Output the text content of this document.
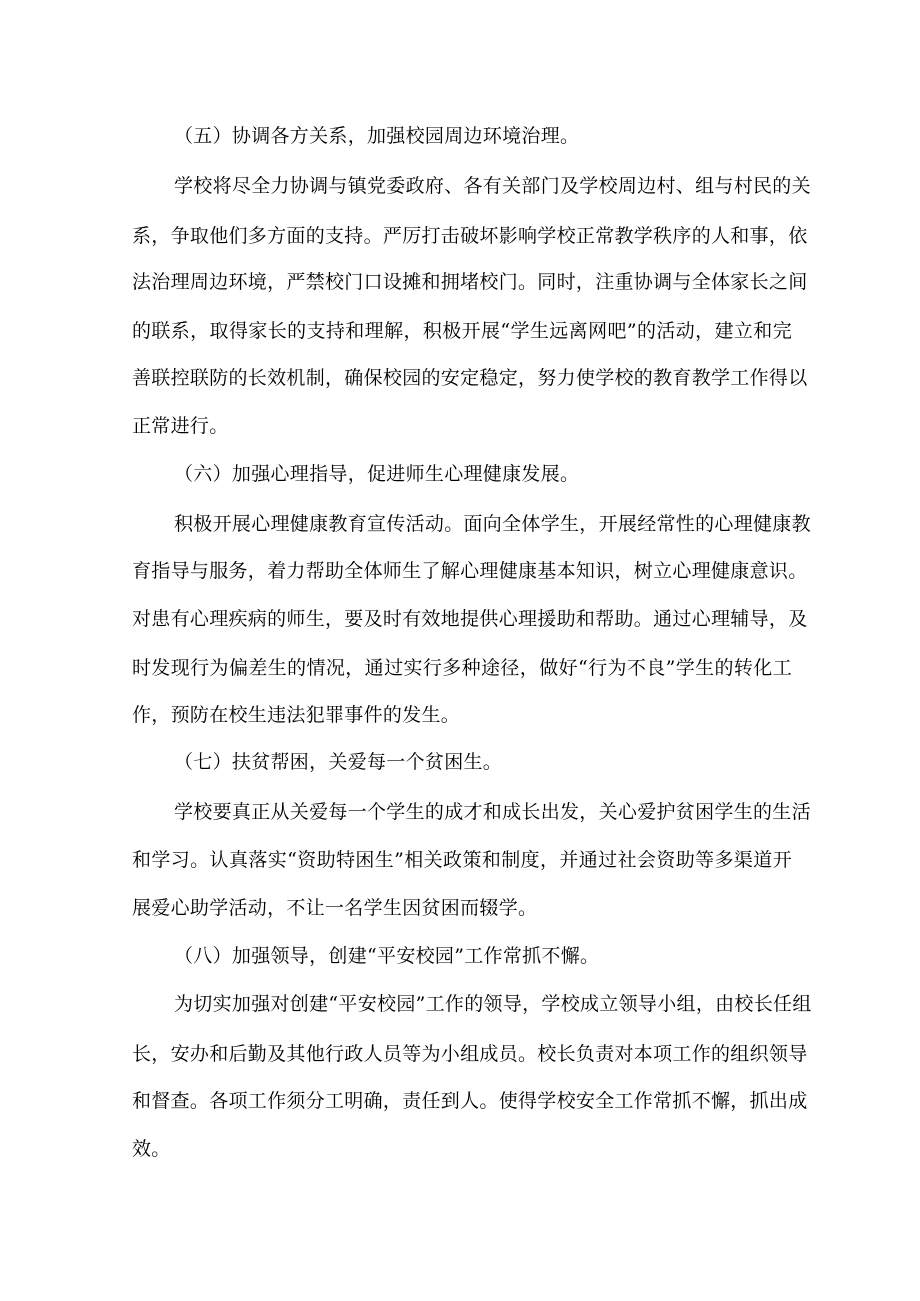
（五）协调各方关系，加强校园周边环境治理。
学校将尽全力协调与镇党委政府、各有关部门及学校周边村、组与村民的关
系，争取他们多方面的支持。严厉打击破坏影响学校正常教学秩序的人和事，依
法治理周边环境，严禁校门口设摊和拥堵校门。同时，注重协调与全体家长之间
的联系，取得家长的支持和理解，积极开展“学生远离网吧”的活动，建立和完
善联控联防的长效机制，确保校园的安定稳定，努力使学校的教育教学工作得以
正常进行。
（六）加强心理指导，促进师生心理健康发展。
积极开展心理健康教育宣传活动。面向全体学生，开展经常性的心理健康教
育指导与服务，着力帮助全体师生了解心理健康基本知识，树立心理健康意识。
对患有心理疾病的师生，要及时有效地提供心理援助和帮助。通过心理辅导，及
时发现行为偏差生的情况，通过实行多种途径，做好“行为不良”学生的转化工
作，预防在校生违法犯罪事件的发生。
（七）扶贫帮困，关爱每一个贫困生。
学校要真正从关爱每一个学生的成才和成长出发，关心爱护贫困学生的生活
和学习。认真落实“资助特困生”相关政策和制度，并通过社会资助等多渠道开
展爱心助学活动，不让一名学生因贫困而辍学。
（八）加强领导，创建“平安校园”工作常抓不懈。
为切实加强对创建“平安校园”工作的领导，学校成立领导小组，由校长任组
长，安办和后勤及其他行政人员等为小组成员。校长负责对本项工作的组织领导
和督查。各项工作须分工明确，责任到人。使得学校安全工作常抓不懈，抓出成
效。
